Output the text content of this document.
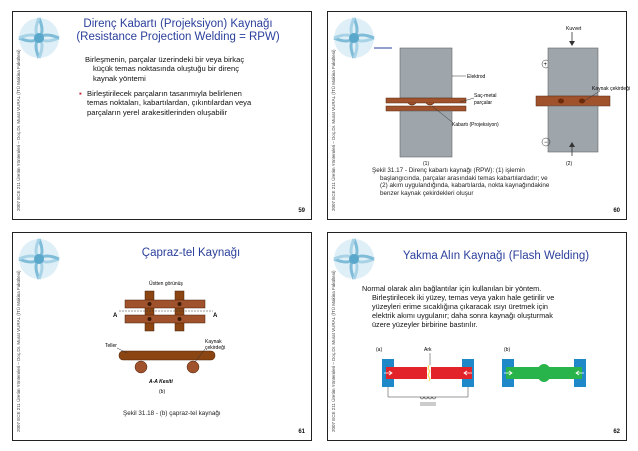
2007 ECE 211 Üretim Yöntemleri – Doç.Dr. Murat VURAL (İTÜ Makina Fakültesi)
Direnç Kabartı (Projeksiyon) Kaynağı
(Resistance Projection Welding = RPW)
Birleşmenin, parçalar üzerindeki bir veya birkaç
küçük temas noktasında oluştuğu bir direnç
kaynak yöntemi
▪ Birleştirilecek parçaların tasarımıyla belirlenen
temas noktaları, kabartılardan, çıkıntılardan veya
parçaların yerel arakesitlerinden oluşabilir
59	2007 ECE 211 Üretim Yöntemleri – Doç.Dr. Murat VURAL (İTÜ Makina Fakültesi)	Elektrod
Saç-metal
parçalar
Kabartı (Projeksiyon)
(1)
Kuvvet
+
Kaynak çekirdeği
−
(2)
Şekil 31.17 - Direnç kabartı kaynağı (RPW): (1) işlemin
başlangıcında, parçalar arasındaki temas kabartılardadır; ve
(2) akım uygulandığında, kabartılarda, nokta kaynağındakine
benzer kaynak çekirdekleri oluşur
60
2007 ECE 211 Üretim Yöntemleri – Doç.Dr. Murat VURAL (İTÜ Makina Fakültesi)
Çapraz-tel Kaynağı
Üstten görünüş
A	A
Teller
Kaynak
çekirdeği
A-A Kesiti
(b)
Şekil 31.18 - (b) çapraz-tel kaynağı
61	2007 ECE 211 Üretim Yöntemleri – Doç.Dr. Murat VURAL (İTÜ Makina Fakültesi)
Yakma Alın Kaynağı (Flash Welding)
Normal olarak alın bağlantılar için kullanılan bir yöntem.
Birleştirilecek iki yüzey, temas veya yakın hale getirilir ve
yüzeyleri erime sıcaklığına çıkaracak ısıyı üretmek için
elektrik akımı uygulanır; daha sonra kaynağı oluşturmak
üzere yüzeyler birbirine bastırılır.
(a)	Ark	(b)
62
